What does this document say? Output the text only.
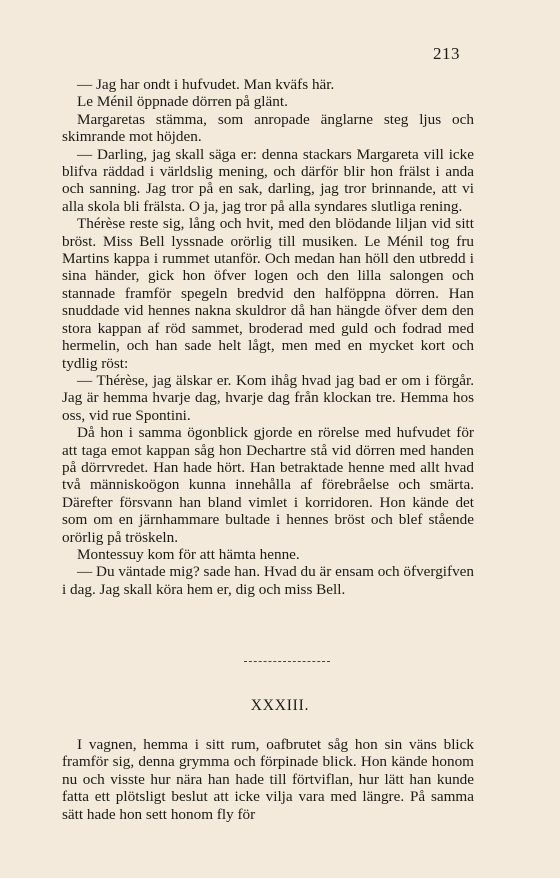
213

— Jag har ondt i hufvudet. Man kväfs här.

Le Ménil öppnade dörren på glänt.

Margaretas stämma, som anropade änglarne steg ljus och skimrande mot höjden.

— Darling, jag skall säga er: denna stackars Margareta vill icke blifva räddad i världslig mening, och därför blir hon frälst i anda och sanning. Jag tror på en sak, darling, jag tror brinnande, att vi alla skola bli frälsta. O ja, jag tror på alla syndares slutliga rening.

Thérèse reste sig, lång och hvit, med den blödande liljan vid sitt bröst. Miss Bell lyssnade orörlig till musiken. Le Ménil tog fru Martins kappa i rummet utanför. Och medan han höll den utbredd i sina händer, gick hon öfver logen och den lilla salongen och stannade framför spegeln bredvid den halföppna dörren. Han snuddade vid hennes nakna skuldror då han hängde öfver dem den stora kappan af röd sammet, broderad med guld och fodrad med hermelin, och han sade helt lågt, men med en mycket kort och tydlig röst:

— Thérèse, jag älskar er. Kom ihåg hvad jag bad er om i förgår. Jag är hemma hvarje dag, hvarje dag från klockan tre. Hemma hos oss, vid rue Spontini.

Då hon i samma ögonblick gjorde en rörelse med hufvudet för att taga emot kappan såg hon Dechartre stå vid dörren med handen på dörrvredet. Han hade hört. Han betraktade henne med allt hvad två människoögon kunna innehålla af förebråelse och smärta. Därefter försvann han bland vimlet i korridoren. Hon kände det som om en järnhammare bultade i hennes bröst och blef stående orörlig på tröskeln.

Montessuy kom för att hämta henne.

— Du väntade mig? sade han. Hvad du är ensam och öfvergifven i dag. Jag skall köra hem er, dig och miss Bell.

XXXIII.

I vagnen, hemma i sitt rum, oafbrutet såg hon sin väns blick framför sig, denna grymma och förpinade blick. Hon kände honom nu och visste hur nära han hade till förtviflan, hur lätt han kunde fatta ett plötsligt beslut att icke vilja vara med längre. På samma sätt hade hon sett honom fly för
